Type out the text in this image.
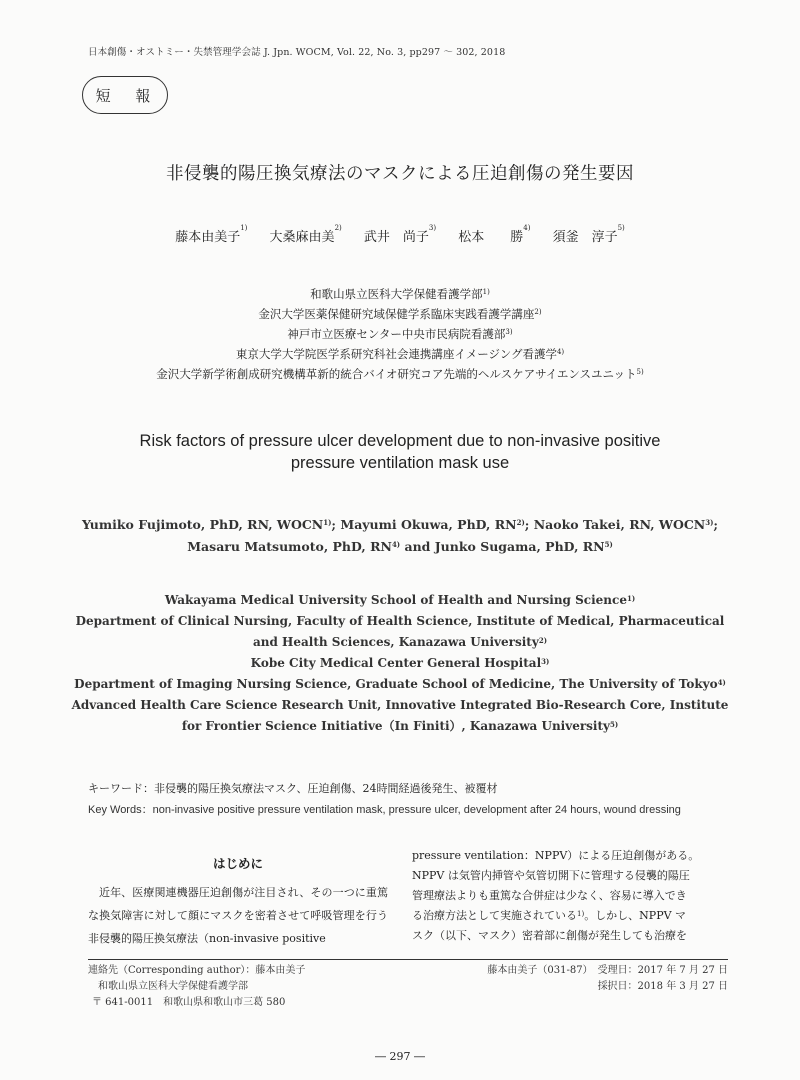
日本創傷・オストミー・失禁管理学会誌 J. Jpn. WOCM, Vol. 22, No. 3, pp297 ～ 302, 2018
短 報
非侵襲的陽圧換気療法のマスクによる圧迫創傷の発生要因
藤本由美子$^{1)}$ 大桑麻由美$^{2)}$ 武井　尚子$^{3)}$ 松本　　勝$^{4)}$ 須釜　淳子$^{5)}$
和歌山県立医科大学保健看護学部$^{1)}$
金沢大学医薬保健研究域保健学系臨床実践看護学講座$^{2)}$
神戸市立医療センター中央市民病院看護部$^{3)}$
東京大学大学院医学系研究科社会連携講座イメージング看護学$^{4)}$
金沢大学新学術創成研究機構革新的統合バイオ研究コア先端的ヘルスケアサイエンスユニット$^{5)}$
Risk factors of pressure ulcer development due to non-invasive positive
pressure ventilation mask use
Yumiko Fujimoto, PhD, RN, WOCN$^{1)}$; Mayumi Okuwa, PhD, RN$^{2)}$; Naoko Takei, RN, WOCN$^{3)}$;
Masaru Matsumoto, PhD, RN$^{4)}$ and Junko Sugama, PhD, RN$^{5)}$
Wakayama Medical University School of Health and Nursing Science$^{1)}$
Department of Clinical Nursing, Faculty of Health Science, Institute of Medical, Pharmaceutical
and Health Sciences, Kanazawa University$^{2)}$
Kobe City Medical Center General Hospital$^{3)}$
Department of Imaging Nursing Science, Graduate School of Medicine, The University of Tokyo$^{4)}$
Advanced Health Care Science Research Unit, Innovative Integrated Bio-Research Core, Institute
for Frontier Science Initiative（In Finiti）, Kanazawa University$^{5)}$
キーワード：非侵襲的陽圧換気療法マスク、圧迫創傷、24時間経過後発生、被覆材
Key Words：non-invasive positive pressure ventilation mask, pressure ulcer, development after 24 hours, wound dressing
はじめに

近年、医療関連機器圧迫創傷が注目され、その一つに重篤な換気障害に対して顔にマスクを密着させて呼吸管理を行う非侵襲的陽圧換気療法（non-invasive positive

pressure ventilation：NPPV）による圧迫創傷がある。

NPPV は気管内挿管や気管切開下に管理する侵襲的陽圧

管理療法よりも重篤な合併症は少なく、容易に導入でき

る治療方法として実施されている$^{1)}$。しかし、NPPV マ

スク（以下、マスク）密着部に創傷が発生しても治療を

連絡先（Corresponding author）：藤本由美子
和歌山県立医科大学保健看護学部
〒 641-0011　和歌山県和歌山市三葛 580
藤本由美子（031-87）　受理日：2017 年 7 月 27 日
採択日：2018 年 3 月 27 日
― 297 ―
